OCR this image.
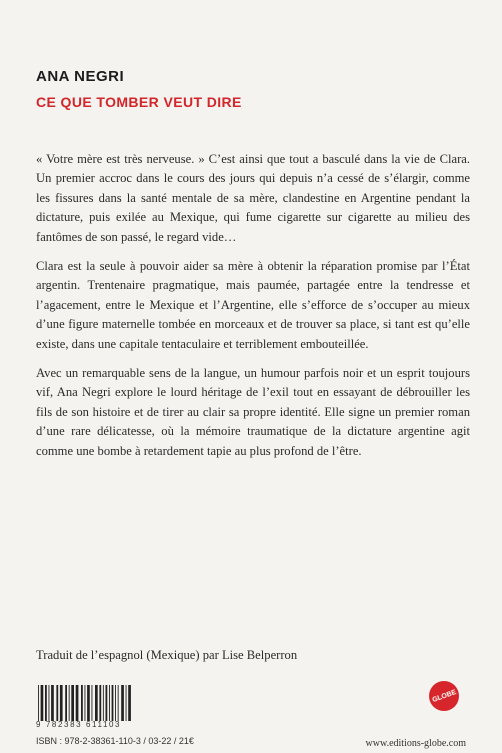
ANA NEGRI
CE QUE TOMBER VEUT DIRE

« Votre mère est très nerveuse. » C’est ainsi que tout a basculé dans la vie de Clara. Un premier accroc dans le cours des jours qui depuis n’a cessé de s’élargir, comme les fissures dans la santé mentale de sa mère, clandestine en Argentine pendant la dictature, puis exilée au Mexique, qui fume cigarette sur cigarette au milieu des fantômes de son passé, le regard vide…

Clara est la seule à pouvoir aider sa mère à obtenir la réparation promise par l’État argentin. Trentenaire pragmatique, mais paumée, partagée entre la tendresse et l’agacement, entre le Mexique et l’Argentine, elle s’efforce de s’occuper au mieux d’une figure maternelle tombée en morceaux et de trouver sa place, si tant est qu’elle existe, dans une capitale tentaculaire et terriblement embouteillée.

Avec un remarquable sens de la langue, un humour parfois noir et un esprit toujours vif, Ana Negri explore le lourd héritage de l’exil tout en essayant de débrouiller les fils de son histoire et de tirer au clair sa propre identité. Elle signe un premier roman d’une rare délicatesse, où la mémoire traumatique de la dictature argentine agit comme une bombe à retardement tapie au plus profond de l’être.

Traduit de l’espagnol (Mexique) par Lise Belperron
9 782383 611103
ISBN : 978-2-38361-110-3 / 03-22 / 21€
GLOBE
www.editions-globe.com
